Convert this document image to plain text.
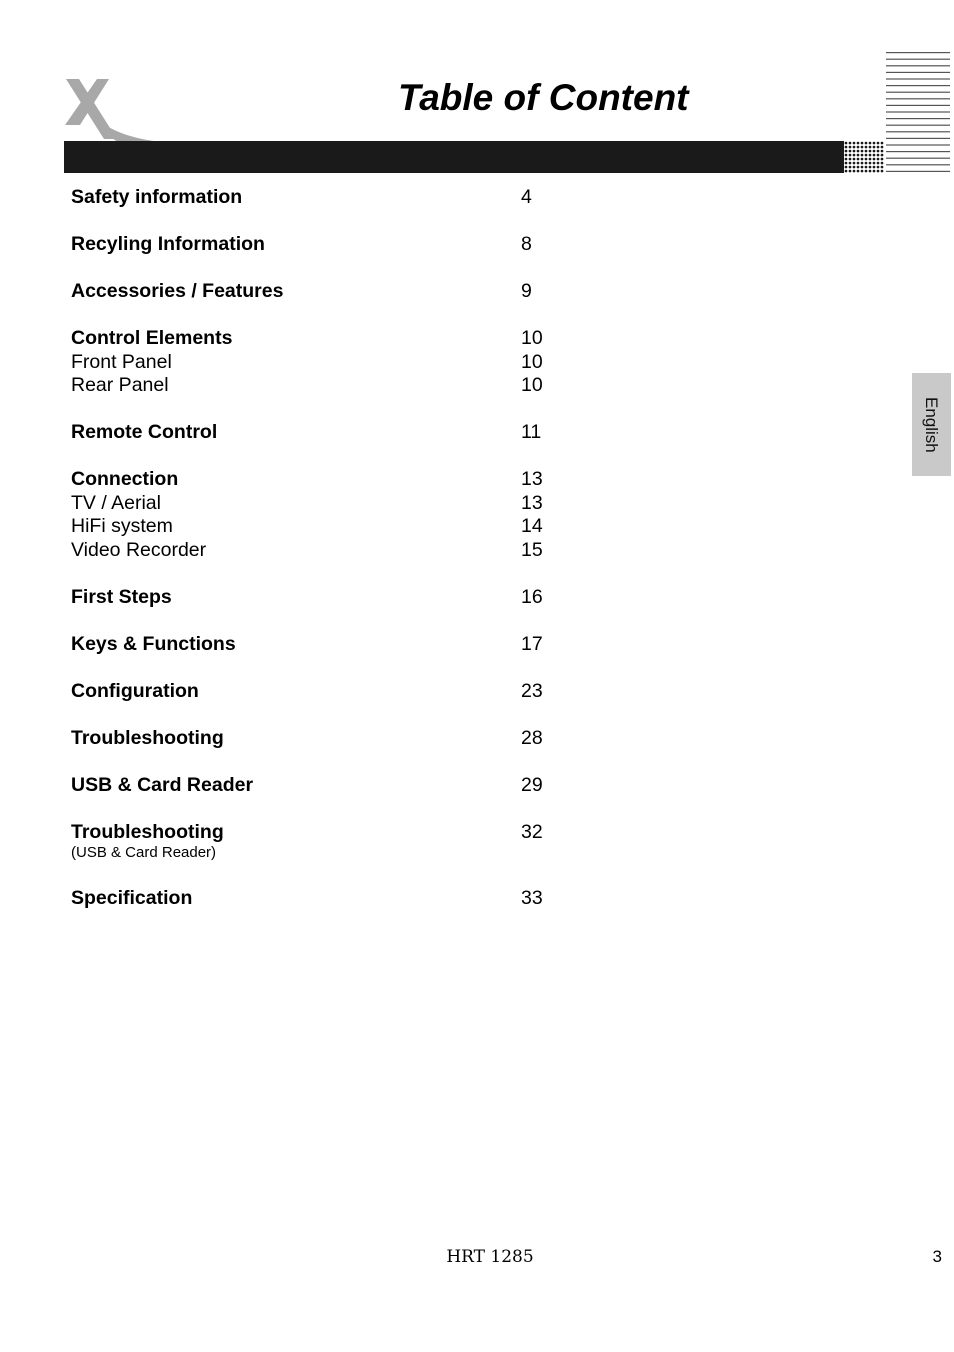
Table of Content
Safety information	4
Recyling Information	8
Accessories / Features	9
Control Elements	10
Front Panel	10
Rear Panel	10
Remote Control	11
Connection	13
TV / Aerial	13
HiFi system	14
Video Recorder	15
First Steps	16
Keys & Functions	17
Configuration	23
Troubleshooting	28
USB & Card Reader	29
Troubleshooting	32
(USB & Card Reader)
Specification	33
English
HRT 1285	3
